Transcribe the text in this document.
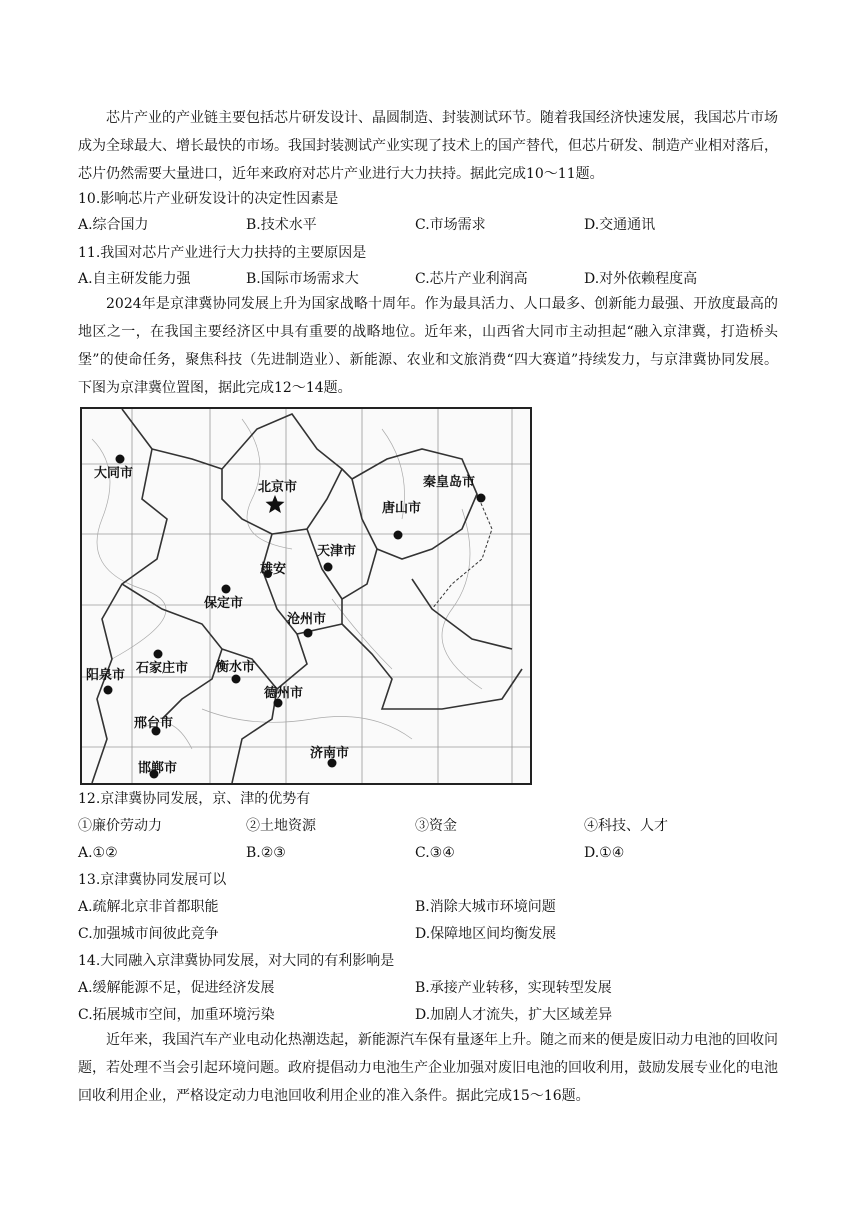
芯片产业的产业链主要包括芯片研发设计、晶圆制造、封装测试环节。随着我国经济快速发展，我国芯片市场成为全球最大、增长最快的市场。我国封装测试产业实现了技术上的国产替代，但芯片研发、制造产业相对落后，芯片仍然需要大量进口，近年来政府对芯片产业进行大力扶持。据此完成10～11题。

10.影响芯片产业研发设计的决定性因素是

A.综合国力	B.技术水平	C.市场需求	D.交通通讯

11.我国对芯片产业进行大力扶持的主要原因是

A.自主研发能力强	B.国际市场需求大	C.芯片产业利润高	D.对外依赖程度高

2024年是京津冀协同发展上升为国家战略十周年。作为最具活力、人口最多、创新能力最强、开放度最高的地区之一，在我国主要经济区中具有重要的战略地位。近年来，山西省大同市主动担起“融入京津冀，打造桥头堡”的使命任务，聚焦科技（先进制造业）、新能源、农业和文旅消费“四大赛道”持续发力，与京津冀协同发展。下图为京津冀位置图，据此完成12～14题。

大同市
北京市	秦皇岛市
唐山市
天津市
雄安
保定市
沧州市
石家庄市 衡水市
阳泉市
德州市
邢台市
济南市
邯郸市

12.京津冀协同发展，京、津的优势有

①廉价劳动力	②土地资源	③资金	④科技、人才

A.①②	B.②③	C.③④	D.①④

13.京津冀协同发展可以

A.疏解北京非首都职能	B.消除大城市环境问题

C.加强城市间彼此竞争	D.保障地区间均衡发展

14.大同融入京津冀协同发展，对大同的有利影响是

A.缓解能源不足，促进经济发展	B.承接产业转移，实现转型发展

C.拓展城市空间，加重环境污染	D.加剧人才流失，扩大区域差异

近年来，我国汽车产业电动化热潮迭起，新能源汽车保有量逐年上升。随之而来的便是废旧动力电池的回收问题，若处理不当会引起环境问题。政府提倡动力电池生产企业加强对废旧电池的回收利用，鼓励发展专业化的电池回收利用企业，严格设定动力电池回收利用企业的准入条件。据此完成15～16题。
